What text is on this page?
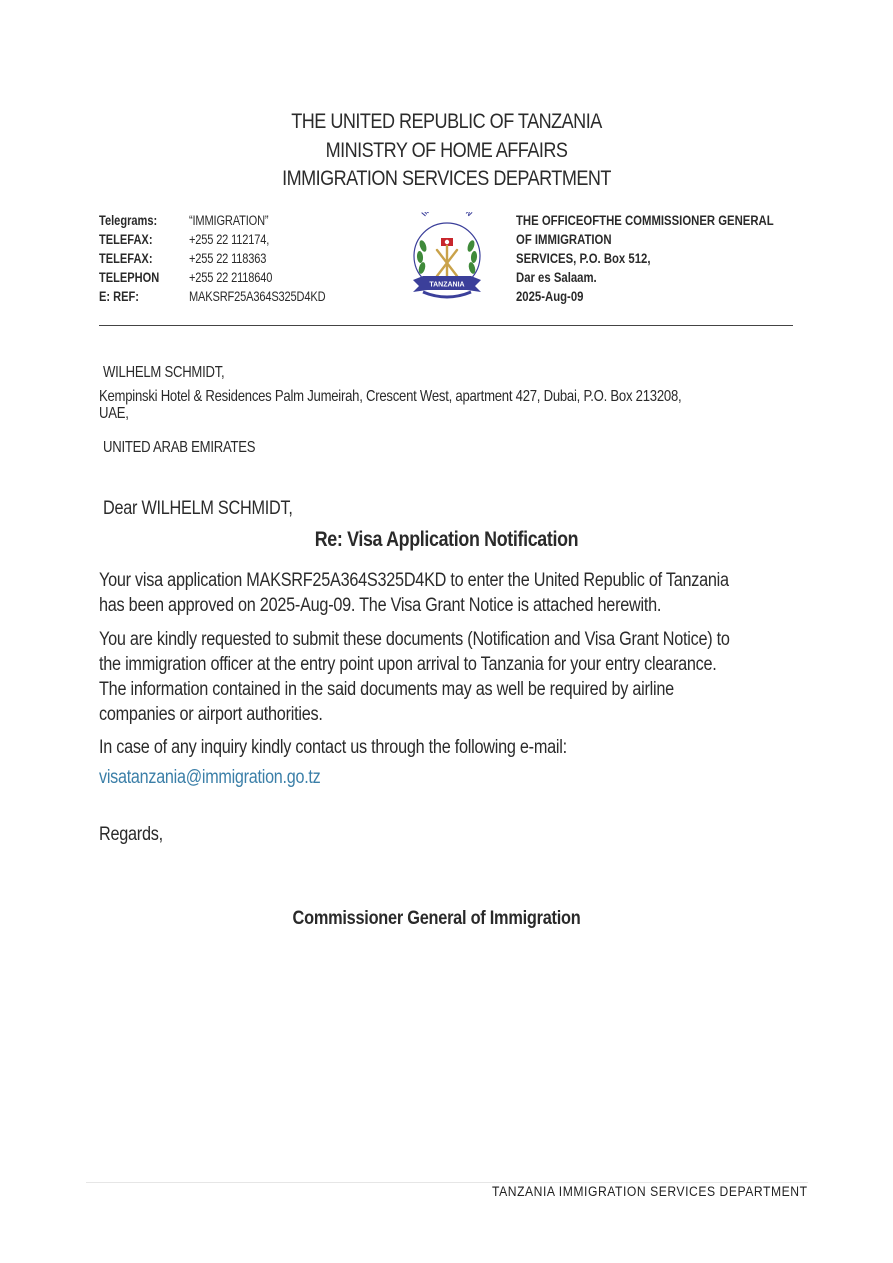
THE UNITED REPUBLIC OF TANZANIA
MINISTRY OF HOME AFFAIRS
IMMIGRATION SERVICES DEPARTMENT
Telegrams:	“IMMIGRATION”
TELEFAX:	+255 22 112174,
TELEFAX:	+255 22 118363
TELEPHON	+255 22 2118640
E: REF:	MAKSRF25A364S325D4KD
I N
TANZANIA
THE OFFICEOFTHE COMMISSIONER GENERAL
OF IMMIGRATION
SERVICES, P.O. Box 512,
Dar es Salaam.
2025-Aug-09
WILHELM SCHMIDT,
Kempinski Hotel & Residences Palm Jumeirah, Crescent West, apartment 427, Dubai, P.O. Box 213208,
UAE,
UNITED ARAB EMIRATES
Dear WILHELM SCHMIDT,
Re: Visa Application Notification
Your visa application MAKSRF25A364S325D4KD to enter the United Republic of Tanzania
has been approved on 2025-Aug-09. The Visa Grant Notice is attached herewith.
You are kindly requested to submit these documents (Notification and Visa Grant Notice) to
the immigration officer at the entry point upon arrival to Tanzania for your entry clearance.
The information contained in the said documents may as well be required by airline
companies or airport authorities.
In case of any inquiry kindly contact us through the following e-mail:
visatanzania@immigration.go.tz
Regards,
Commissioner General of Immigration
TANZANIA IMMIGRATION SERVICES DEPARTMENT
